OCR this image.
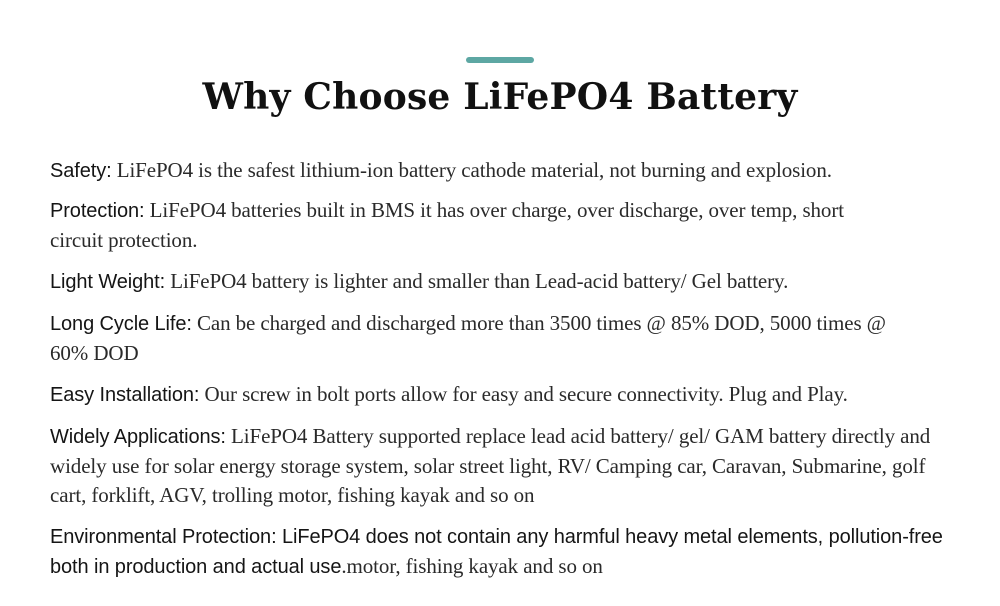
Why Choose LiFePO4 Battery

Safety: LiFePO4 is the safest lithium-ion battery cathode material, not burning and explosion.

Protection: LiFePO4 batteries built in BMS it has over charge, over discharge, over temp, short circuit protection.

Light Weight: LiFePO4 battery is lighter and smaller than Lead-acid battery/ Gel battery.

Long Cycle Life: Can be charged and discharged more than 3500 times @ 85% DOD, 5000 times @ 60% DOD

Easy Installation: Our screw in bolt ports allow for easy and secure connectivity. Plug and Play.

Widely Applications: LiFePO4 Battery supported replace lead acid battery/ gel/ GAM battery directly and widely use for solar energy storage system, solar street light, RV/ Camping car, Caravan, Submarine, golf cart, forklift, AGV, trolling motor, fishing kayak and so on

Environmental Protection: LiFePO4 does not contain any harmful heavy metal elements, pollution-free both in production and actual use.motor, fishing kayak and so on
